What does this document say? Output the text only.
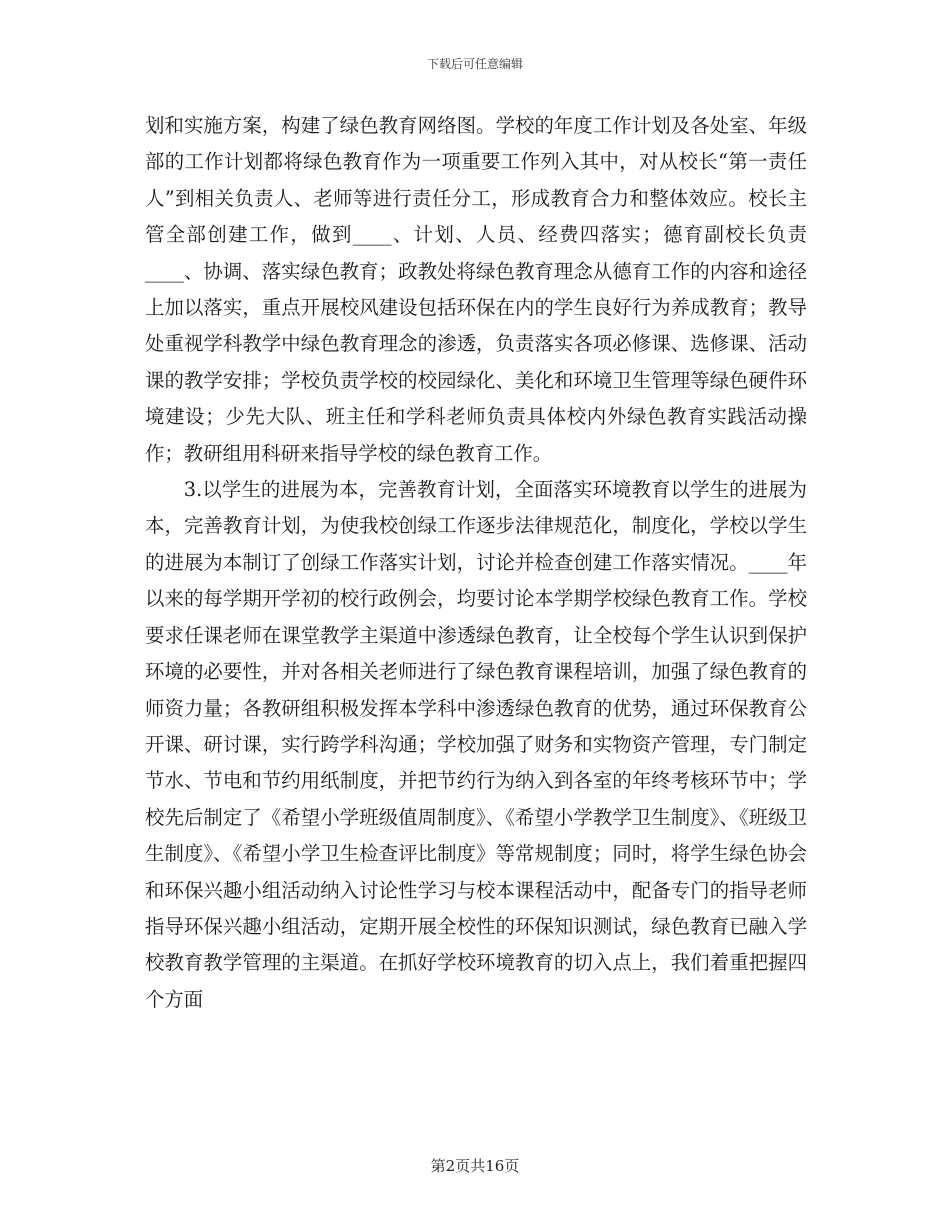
下载后可任意编辑

划和实施方案，构建了绿色教育网络图。学校的年度工作计划及各处室、年级部的工作计划都将绿色教育作为一项重要工作列入其中，对从校长“第一责任人”到相关负责人、老师等进行责任分工，形成教育合力和整体效应。校长主管全部创建工作，做到____、计划、人员、经费四落实；德育副校长负责____、协调、落实绿色教育；政教处将绿色教育理念从德育工作的内容和途径上加以落实，重点开展校风建设包括环保在内的学生良好行为养成教育；教导处重视学科教学中绿色教育理念的渗透，负责落实各项必修课、选修课、活动课的教学安排；学校负责学校的校园绿化、美化和环境卫生管理等绿色硬件环境建设；少先大队、班主任和学科老师负责具体校内外绿色教育实践活动操作；教研组用科研来指导学校的绿色教育工作。

3.以学生的进展为本，完善教育计划，全面落实环境教育以学生的进展为本，完善教育计划，为使我校创绿工作逐步法律规范化，制度化，学校以学生的进展为本制订了创绿工作落实计划，讨论并检查创建工作落实情况。____年以来的每学期开学初的校行政例会，均要讨论本学期学校绿色教育工作。学校要求任课老师在课堂教学主渠道中渗透绿色教育，让全校每个学生认识到保护环境的必要性，并对各相关老师进行了绿色教育课程培训，加强了绿色教育的师资力量；各教研组积极发挥本学科中渗透绿色教育的优势，通过环保教育公开课、研讨课，实行跨学科沟通；学校加强了财务和实物资产管理，专门制定节水、节电和节约用纸制度，并把节约行为纳入到各室的年终考核环节中；学校先后制定了《希望小学班级值周制度》、《希望小学教学卫生制度》、《班级卫生制度》、《希望小学卫生检查评比制度》等常规制度；同时，将学生绿色协会和环保兴趣小组活动纳入讨论性学习与校本课程活动中，配备专门的指导老师指导环保兴趣小组活动，定期开展全校性的环保知识测试，绿色教育已融入学校教育教学管理的主渠道。在抓好学校环境教育的切入点上，我们着重把握四个方面

第2页共16页
